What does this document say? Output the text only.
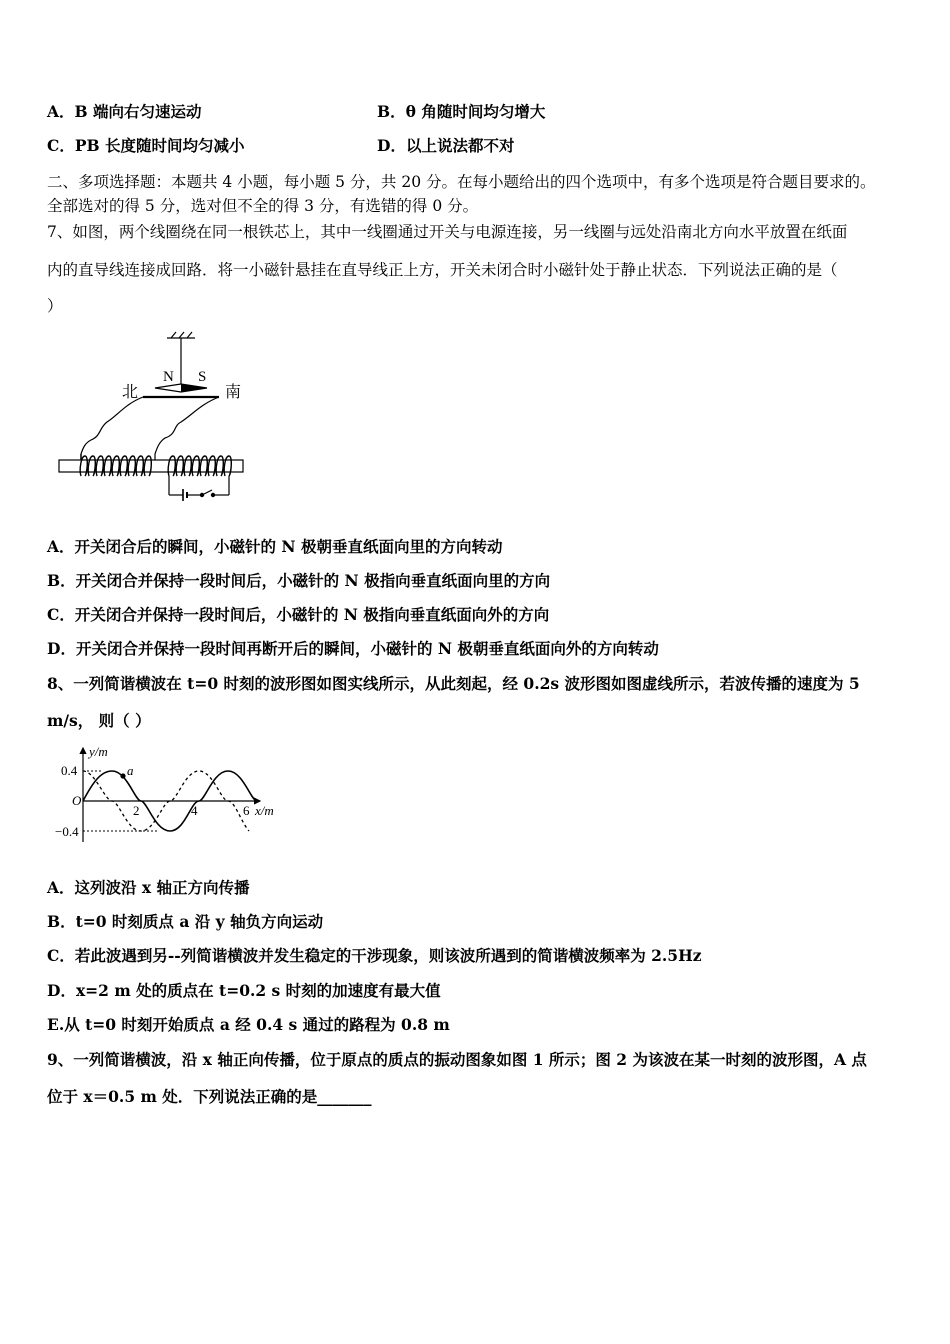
A．B 端向右匀速运动	B．θ 角随时间均匀增大
C．PB 长度随时间均匀减小	D．以上说法都不对
二、多项选择题：本题共 4 小题，每小题 5 分，共 20 分。在每小题给出的四个选项中，有多个选项是符合题目要求的。
全部选对的得 5 分，选对但不全的得 3 分，有选错的得 0 分。
7、如图，两个线圈绕在同一根铁芯上，其中一线圈通过开关与电源连接，另一线圈与远处沿南北方向水平放置在纸面
内的直导线连接成回路．将一小磁针悬挂在直导线正上方，开关未闭合时小磁针处于静止状态．下列说法正确的是（
）
N S
北	南
A．开关闭合后的瞬间，小磁针的 N 极朝垂直纸面向里的方向转动
B．开关闭合并保持一段时间后，小磁针的 N 极指向垂直纸面向里的方向
C．开关闭合并保持一段时间后，小磁针的 N 极指向垂直纸面向外的方向
D．开关闭合并保持一段时间再断开后的瞬间，小磁针的 N 极朝垂直纸面向外的方向转动
8、一列简谐横波在 t=0 时刻的波形图如图实线所示，从此刻起，经 0.2s 波形图如图虚线所示，若波传播的速度为 5
m/s， 则（ ）
y/m
x/m
O
0.4
−0.4
2	4	6
a
A．这列波沿 x 轴正方向传播
B．t=0 时刻质点 a 沿 y 轴负方向运动
C．若此波遇到另--列简谐横波并发生稳定的干涉现象，则该波所遇到的简谐横波频率为 2.5Hz
D．x=2 m 处的质点在 t=0.2 s 时刻的加速度有最大值
E.从 t=0 时刻开始质点 a 经 0.4 s 通过的路程为 0.8 m
9、一列简谐横波，沿 x 轴正向传播，位于原点的质点的振动图象如图 1 所示；图 2 为该波在某一时刻的波形图，A 点
位于 x＝0.5 m 处．下列说法正确的是_______
